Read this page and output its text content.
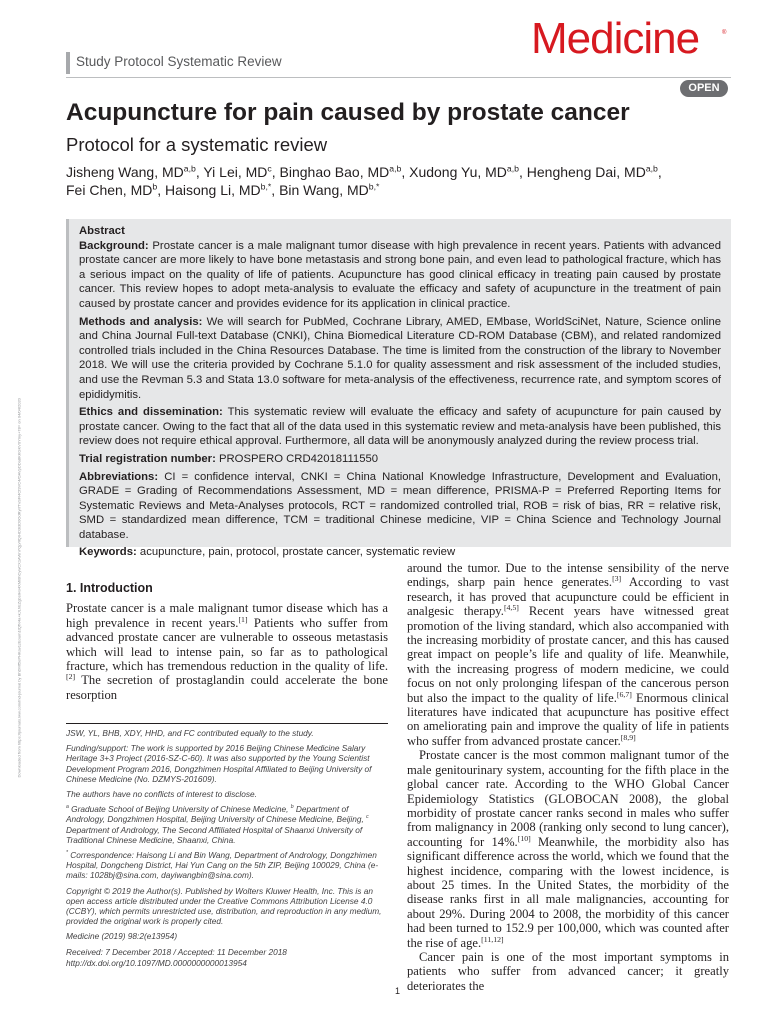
Study Protocol Systematic Review	Medicine	®
OPEN
Acupuncture for pain caused by prostate cancer
Protocol for a systematic review
Jisheng Wang, MD$^{a,b}$, Yi Lei, $MD^c$, Binghao Bao, MD$^{a,b}$, Xudong Yu, MD$^{a,b}$, Hengheng Dai, MD$^{a,b}$,
Fei Chen, $MD^b$, Haisong Li, $MD^{b,*}$, Bin Wang, $MD^{b,*}$

Abstract

Background: Prostate cancer is a male malignant tumor disease with high prevalence in recent years. Patients with advanced prostate cancer are more likely to have bone metastasis and strong bone pain, and even lead to pathological fracture, which has a serious impact on the quality of life of patients. Acupuncture has good clinical efficacy in treating pain caused by prostate cancer. This review hopes to adopt meta-analysis to evaluate the efficacy and safety of acupuncture in the treatment of pain caused by prostate cancer and provides evidence for its application in clinical practice.

Methods and analysis: We will search for PubMed, Cochrane Library, AMED, EMbase, WorldSciNet, Nature, Science online and China Journal Full-text Database (CNKI), China Biomedical Literature CD-ROM Database (CBM), and related randomized controlled trials included in the China Resources Database. The time is limited from the construction of the library to November 2018. We will use the criteria provided by Cochrane 5.1.0 for quality assessment and risk assessment of the included studies, and use the Revman 5.3 and Stata 13.0 software for meta-analysis of the effectiveness, recurrence rate, and symptom scores of epididymitis.

Ethics and dissemination: This systematic review will evaluate the efficacy and safety of acupuncture for pain caused by prostate cancer. Owing to the fact that all of the data used in this systematic review and meta-analysis have been published, this review does not require ethical approval. Furthermore, all data will be anonymously analyzed during the review process trial.

Trial registration number: PROSPERO CRD42018111550

Abbreviations: CI = confidence interval, CNKI = China National Knowledge Infrastructure, Development and Evaluation, GRADE = Grading of Recommendations Assessment, MD = mean difference, PRISMA-P = Preferred Reporting Items for Systematic Reviews and Meta-Analyses protocols, RCT = randomized controlled trial, ROB = risk of bias, RR = relative risk, SMD = standardized mean difference, TCM = traditional Chinese medicine, VIP = China Science and Technology Journal database.

Keywords: acupuncture, pain, protocol, prostate cancer, systematic review

Downloaded from https://journals.lww.com/md-journal by BhDMf5ePHKav1zEoum1tQfN4a+kJLhEZgbsIHo4XMi0hCywCX1AWnYQp/IlQrHD3i3D0OdRyi7TvSFl4Cf3VC4/OAVpDDa8KKGKV0Ymy+78= on 04/04/2020	1. Introduction

Prostate cancer is a male malignant tumor disease which has a high prevalence in recent years.[1] Patients who suffer from advanced prostate cancer are vulnerable to osseous metastasis which will lead to intense pain, so far as to pathological fracture, which has tremendous reduction in the quality of life.[2] The secretion of prostaglandin could accelerate the bone resorption

JSW, YL, BHB, XDY, HHD, and FC contributed equally to the study.

Funding/support: The work is supported by 2016 Beijing Chinese Medicine Salary Heritage 3+3 Project (2016-SZ-C-60). It was also supported by the Young Scientist Development Program 2016, Dongzhimen Hospital Affiliated to Beijing University of Chinese Medicine (No. DZMYS-201609).

The authors have no conflicts of interest to disclose.

$^a$ Graduate School of Beijing University of Chinese Medicine, $^b$ Department of Andrology, Dongzhimen Hospital, Beijing University of Chinese Medicine, Beijing, $^c$ Department of Andrology, The Second Affiliated Hospital of Shaanxi University of Traditional Chinese Medicine, Shaanxi, China.

* Correspondence: Haisong Li and Bin Wang, Department of Andrology, Dongzhimen Hospital, Dongcheng District, Hai Yun Cang on the 5th ZIP, Beijing 100029, China (e-mails: 1028bj@sina.com, dayiwangbin@sina.com).

Copyright © 2019 the Author(s). Published by Wolters Kluwer Health, Inc. This is an open access article distributed under the Creative Commons Attribution License 4.0 (CCBY), which permits unrestricted use, distribution, and reproduction in any medium, provided the original work is properly cited.

Medicine (2019) 98:2(e13954)

Received: 7 December 2018 / Accepted: 11 December 2018

http://dx.doi.org/10.1097/MD.0000000000013954

around the tumor. Due to the intense sensibility of the nerve endings, sharp pain hence generates.[3] According to vast research, it has proved that acupuncture could be efficient in analgesic therapy.[4,5] Recent years have witnessed great promotion of the living standard, which also accompanied with the increasing morbidity of prostate cancer, and this has caused great impact on people’s life and quality of life. Meanwhile, with the increasing progress of modern medicine, we could focus on not only prolonging lifespan of the cancerous person but also the impact to the quality of life.[6,7] Enormous clinical literatures have indicated that acupuncture has positive effect on ameliorating pain and improve the quality of life in patients who suffer from advanced prostate cancer.[8,9]

Prostate cancer is the most common malignant tumor of the male genitourinary system, accounting for the fifth place in the global cancer rate. According to the WHO Global Cancer Epidemiology Statistics (GLOBOCAN 2008), the global morbidity of prostate cancer ranks second in males who suffer from malignancy in 2008 (ranking only second to lung cancer), accounting for 14%.[10] Meanwhile, the morbidity also has significant difference across the world, which we found that the highest incidence, comparing with the lowest incidence, is about 25 times. In the United States, the morbidity of the disease ranks first in all male malignancies, accounting for about 29%. During 2004 to 2008, the morbidity of this cancer had been turned to 152.9 per 100,000, which was counted after the rise of age.[11,12]

Cancer pain is one of the most important symptoms in patients who suffer from advanced cancer; it greatly deteriorates the

1
